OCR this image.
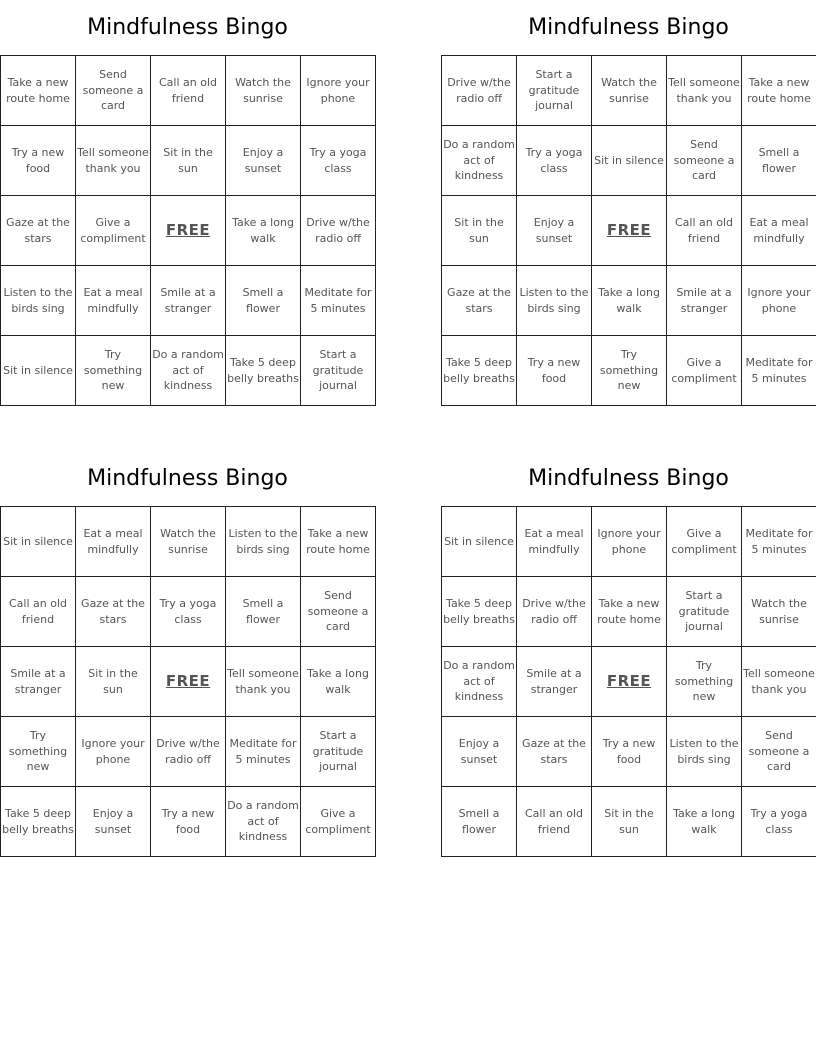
Mindfulness Bingo
Take a new route home	Send someone a card	Call an old friend	Watch the sunrise	Ignore your phone
Try a new food	Tell someone thank you	Sit in the sun	Enjoy a sunset	Try a yoga class
Gaze at the stars	Give a compliment	FREE	Take a long walk	Drive w/the radio off
Listen to the birds sing	Eat a meal mindfully	Smile at a stranger	Smell a flower	Meditate for 5 minutes
Sit in silence	Try something new	Do a random act of kindness	Take 5 deep belly breaths	Start a gratitude journal
Mindfulness Bingo
Drive w/the radio off	Start a gratitude journal	Watch the sunrise	Tell someone thank you	Take a new route home
Do a random act of kindness	Try a yoga class	Sit in silence	Send someone a card	Smell a flower
Sit in the sun	Enjoy a sunset	FREE	Call an old friend	Eat a meal mindfully
Gaze at the stars	Listen to the birds sing	Take a long walk	Smile at a stranger	Ignore your phone
Take 5 deep belly breaths	Try a new food	Try something new	Give a compliment	Meditate for 5 minutes
Mindfulness Bingo
Sit in silence	Eat a meal mindfully	Watch the sunrise	Listen to the birds sing	Take a new route home
Call an old friend	Gaze at the stars	Try a yoga class	Smell a flower	Send someone a card
Smile at a stranger	Sit in the sun	FREE	Tell someone thank you	Take a long walk
Try something new	Ignore your phone	Drive w/the radio off	Meditate for 5 minutes	Start a gratitude journal
Take 5 deep belly breaths	Enjoy a sunset	Try a new food	Do a random act of kindness	Give a compliment
Mindfulness Bingo
Sit in silence	Eat a meal mindfully	Ignore your phone	Give a compliment	Meditate for 5 minutes
Take 5 deep belly breaths	Drive w/the radio off	Take a new route home	Start a gratitude journal	Watch the sunrise
Do a random act of kindness	Smile at a stranger	FREE	Try something new	Tell someone thank you
Enjoy a sunset	Gaze at the stars	Try a new food	Listen to the birds sing	Send someone a card
Smell a flower	Call an old friend	Sit in the sun	Take a long walk	Try a yoga class
